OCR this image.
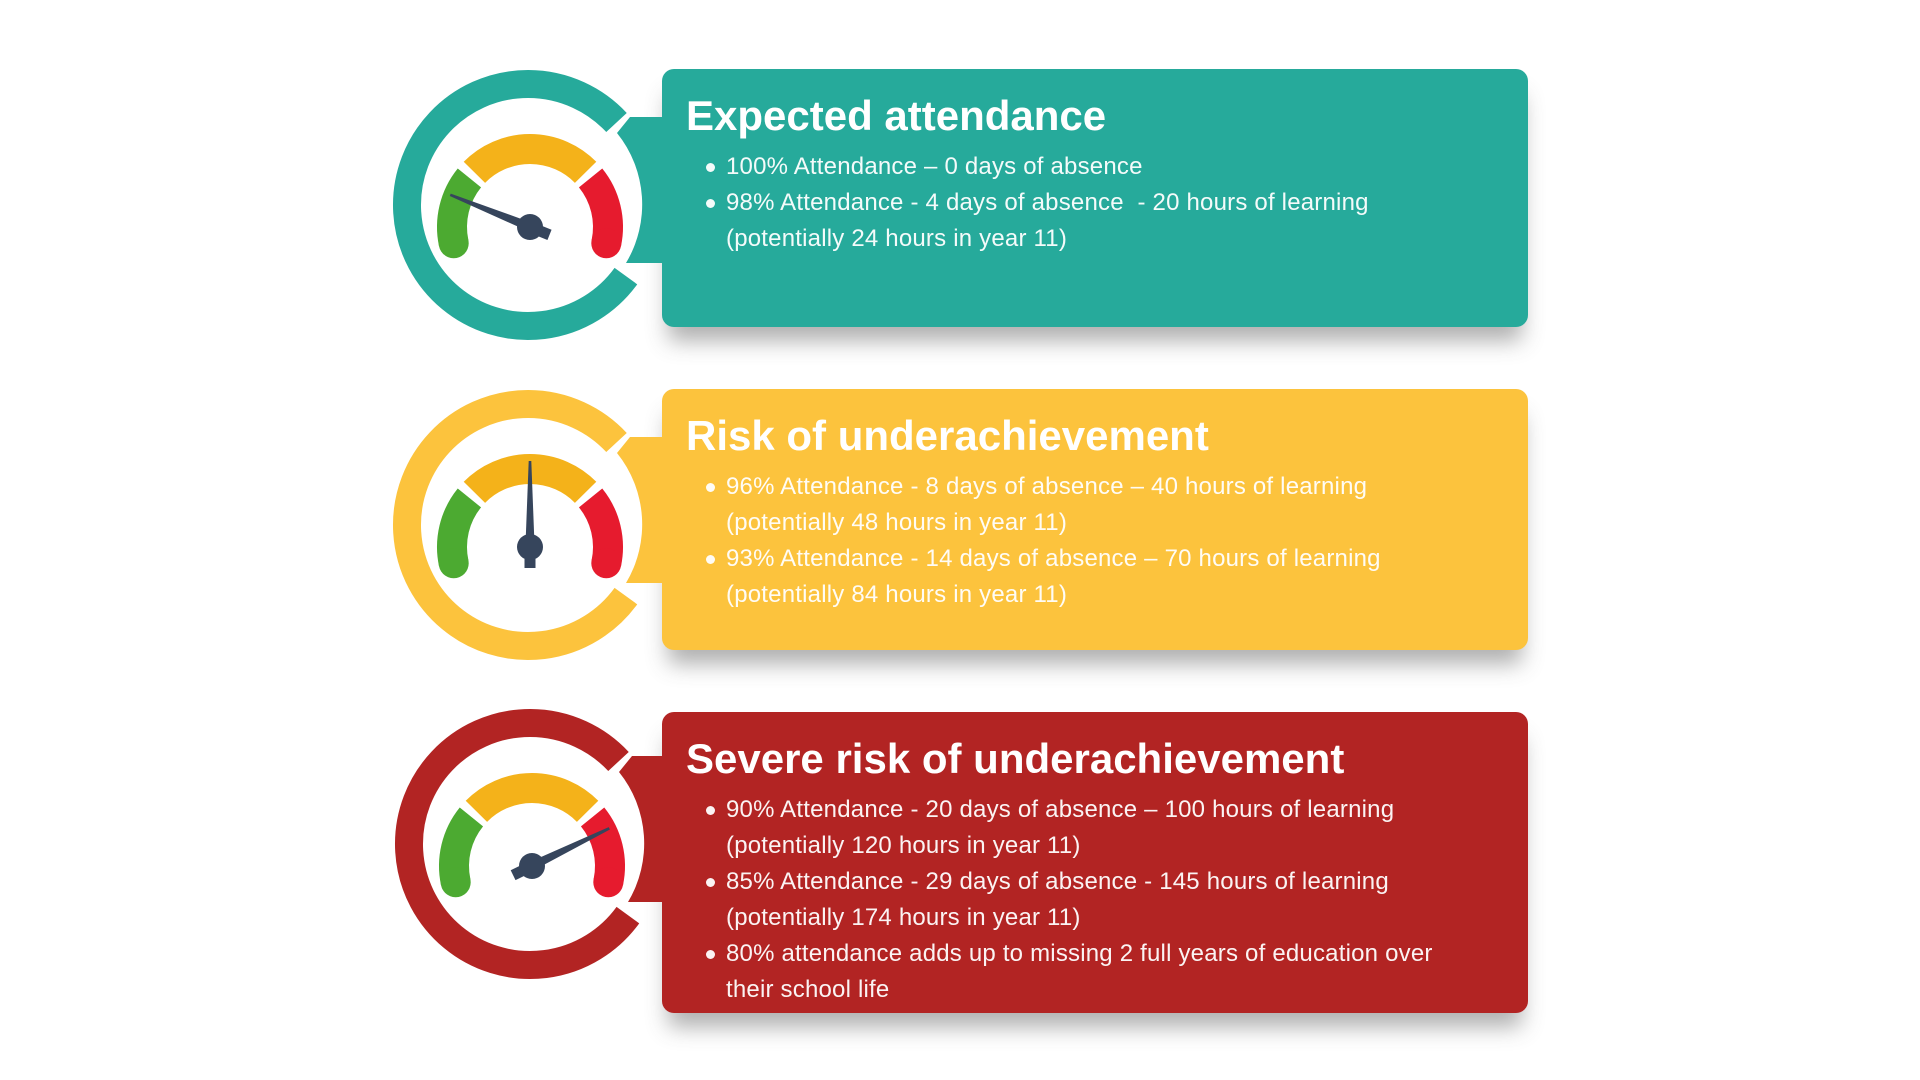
Expected attendance
100% Attendance – 0 days of absence
98% Attendance - 4 days of absence  - 20 hours of learning
(potentially 24 hours in year 11)
Risk of underachievement
96% Attendance - 8 days of absence – 40 hours of learning
(potentially 48 hours in year 11)
93% Attendance - 14 days of absence – 70 hours of learning
(potentially 84 hours in year 11)
Severe risk of underachievement
90% Attendance - 20 days of absence – 100 hours of learning
(potentially 120 hours in year 11)
85% Attendance - 29 days of absence - 145 hours of learning
(potentially 174 hours in year 11)
80% attendance adds up to missing 2 full years of education over
their school life
